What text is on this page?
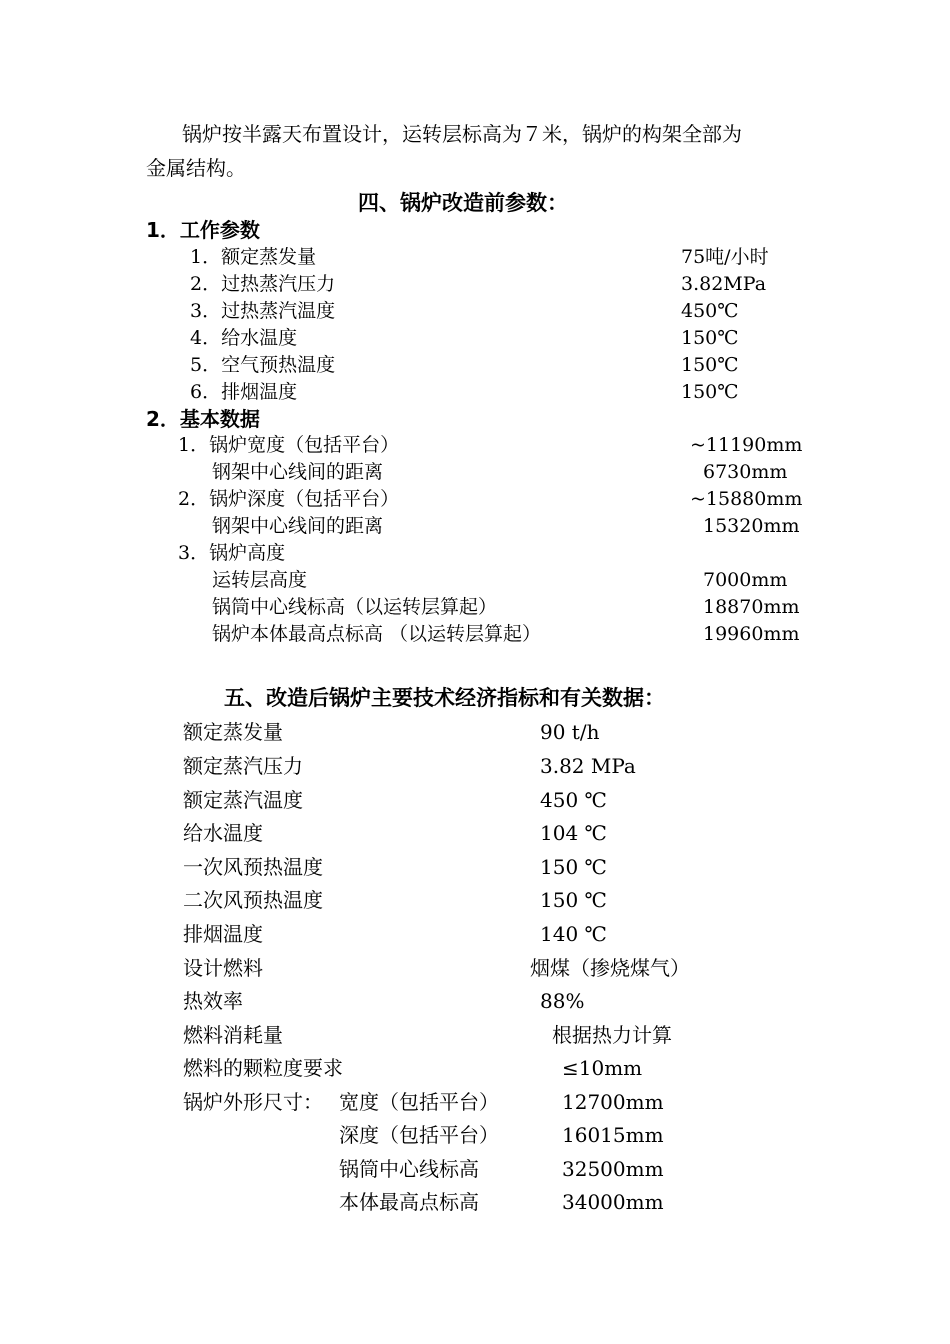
锅炉按半露天布置设计，运转层标高为７米，锅炉的构架全部为
金属结构。
四、锅炉改造前参数：
1．工作参数
1．额定蒸发量	75吨/小时
2．过热蒸汽压力	3.82MPa
3．过热蒸汽温度	450℃
4．给水温度	150℃
5．空气预热温度	150℃
6．排烟温度	150℃
2．基本数据
1．锅炉宽度（包括平台）	~11190mm
钢架中心线间的距离	6730mm
2．锅炉深度（包括平台）	~15880mm
钢架中心线间的距离	15320mm
3．锅炉高度
运转层高度	7000mm
锅筒中心线标高（以运转层算起）	18870mm
锅炉本体最高点标高 （以运转层算起）	19960mm
五、改造后锅炉主要技术经济指标和有关数据：
额定蒸发量	90 t/h
额定蒸汽压力	3.82 MPa
额定蒸汽温度	450 ℃
给水温度	104 ℃
一次风预热温度	150 ℃
二次风预热温度	150 ℃
排烟温度	140 ℃
设计燃料	烟煤（掺烧煤气）
热效率	88%
燃料消耗量	根据热力计算
燃料的颗粒度要求	≤10mm
锅炉外形尺寸： 宽度（包括平台）	12700mm
深度（包括平台）	16015mm
锅筒中心线标高	32500mm
本体最高点标高	34000mm
